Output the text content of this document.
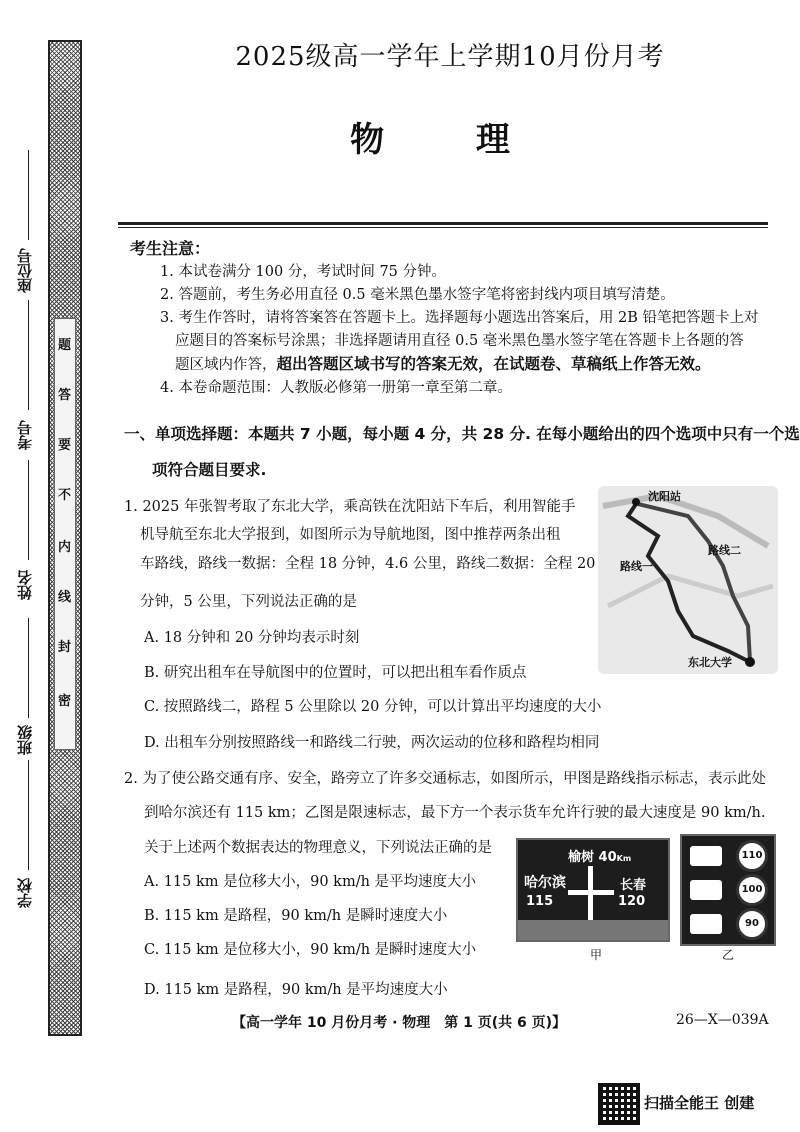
密
封
线
内
不
要
答
题
学校
班级
姓名
考号
座位号
2025级高一学年上学期10月份月考
物 理
考生注意：
1. 本试卷满分 100 分，考试时间 75 分钟。
2. 答题前，考生务必用直径 0.5 毫米黑色墨水签字笔将密封线内项目填写清楚。
3. 考生作答时，请将答案答在答题卡上。选择题每小题选出答案后，用 2B 铅笔把答题卡上对
应题目的答案标号涂黑；非选择题请用直径 0.5 毫米黑色墨水签字笔在答题卡上各题的答
题区域内作答，超出答题区域书写的答案无效，在试题卷、草稿纸上作答无效。
4. 本卷命题范围：人教版必修第一册第一章至第二章。
一、单项选择题：本题共 7 小题，每小题 4 分，共 28 分. 在每小题给出的四个选项中只有一个选
项符合题目要求.
1. 2025 年张智考取了东北大学，乘高铁在沈阳站下车后，利用智能手
机导航至东北大学报到，如图所示为导航地图，图中推荐两条出租
车路线，路线一数据：全程 18 分钟，4.6 公里，路线二数据：全程 20
分钟，5 公里，下列说法正确的是
A. 18 分钟和 20 分钟均表示时刻
B. 研究出租车在导航图中的位置时，可以把出租车看作质点
C. 按照路线二，路程 5 公里除以 20 分钟，可以计算出平均速度的大小
D. 出租车分别按照路线一和路线二行驶，两次运动的位移和路程均相同
沈阳站
路线一
路线二
东北大学
2. 为了使公路交通有序、安全，路旁立了许多交通标志，如图所示，甲图是路线指示标志，表示此处
到哈尔滨还有 115 km；乙图是限速标志，最下方一个表示货车允许行驶的最大速度是 90 km/h.
关于上述两个数据表达的物理意义，下列说法正确的是
A. 115 km 是位移大小，90 km/h 是平均速度大小
B. 115 km 是路程，90 km/h 是瞬时速度大小
C. 115 km 是位移大小，90 km/h 是瞬时速度大小
D. 115 km 是路程，90 km/h 是平均速度大小
榆树 40Km
哈尔滨
115
长春
120
甲
110
100
90
乙
【高一学年 10 月份月考 · 物理　第 1 页(共 6 页)】	26—X—039A
扫描全能王 创建
